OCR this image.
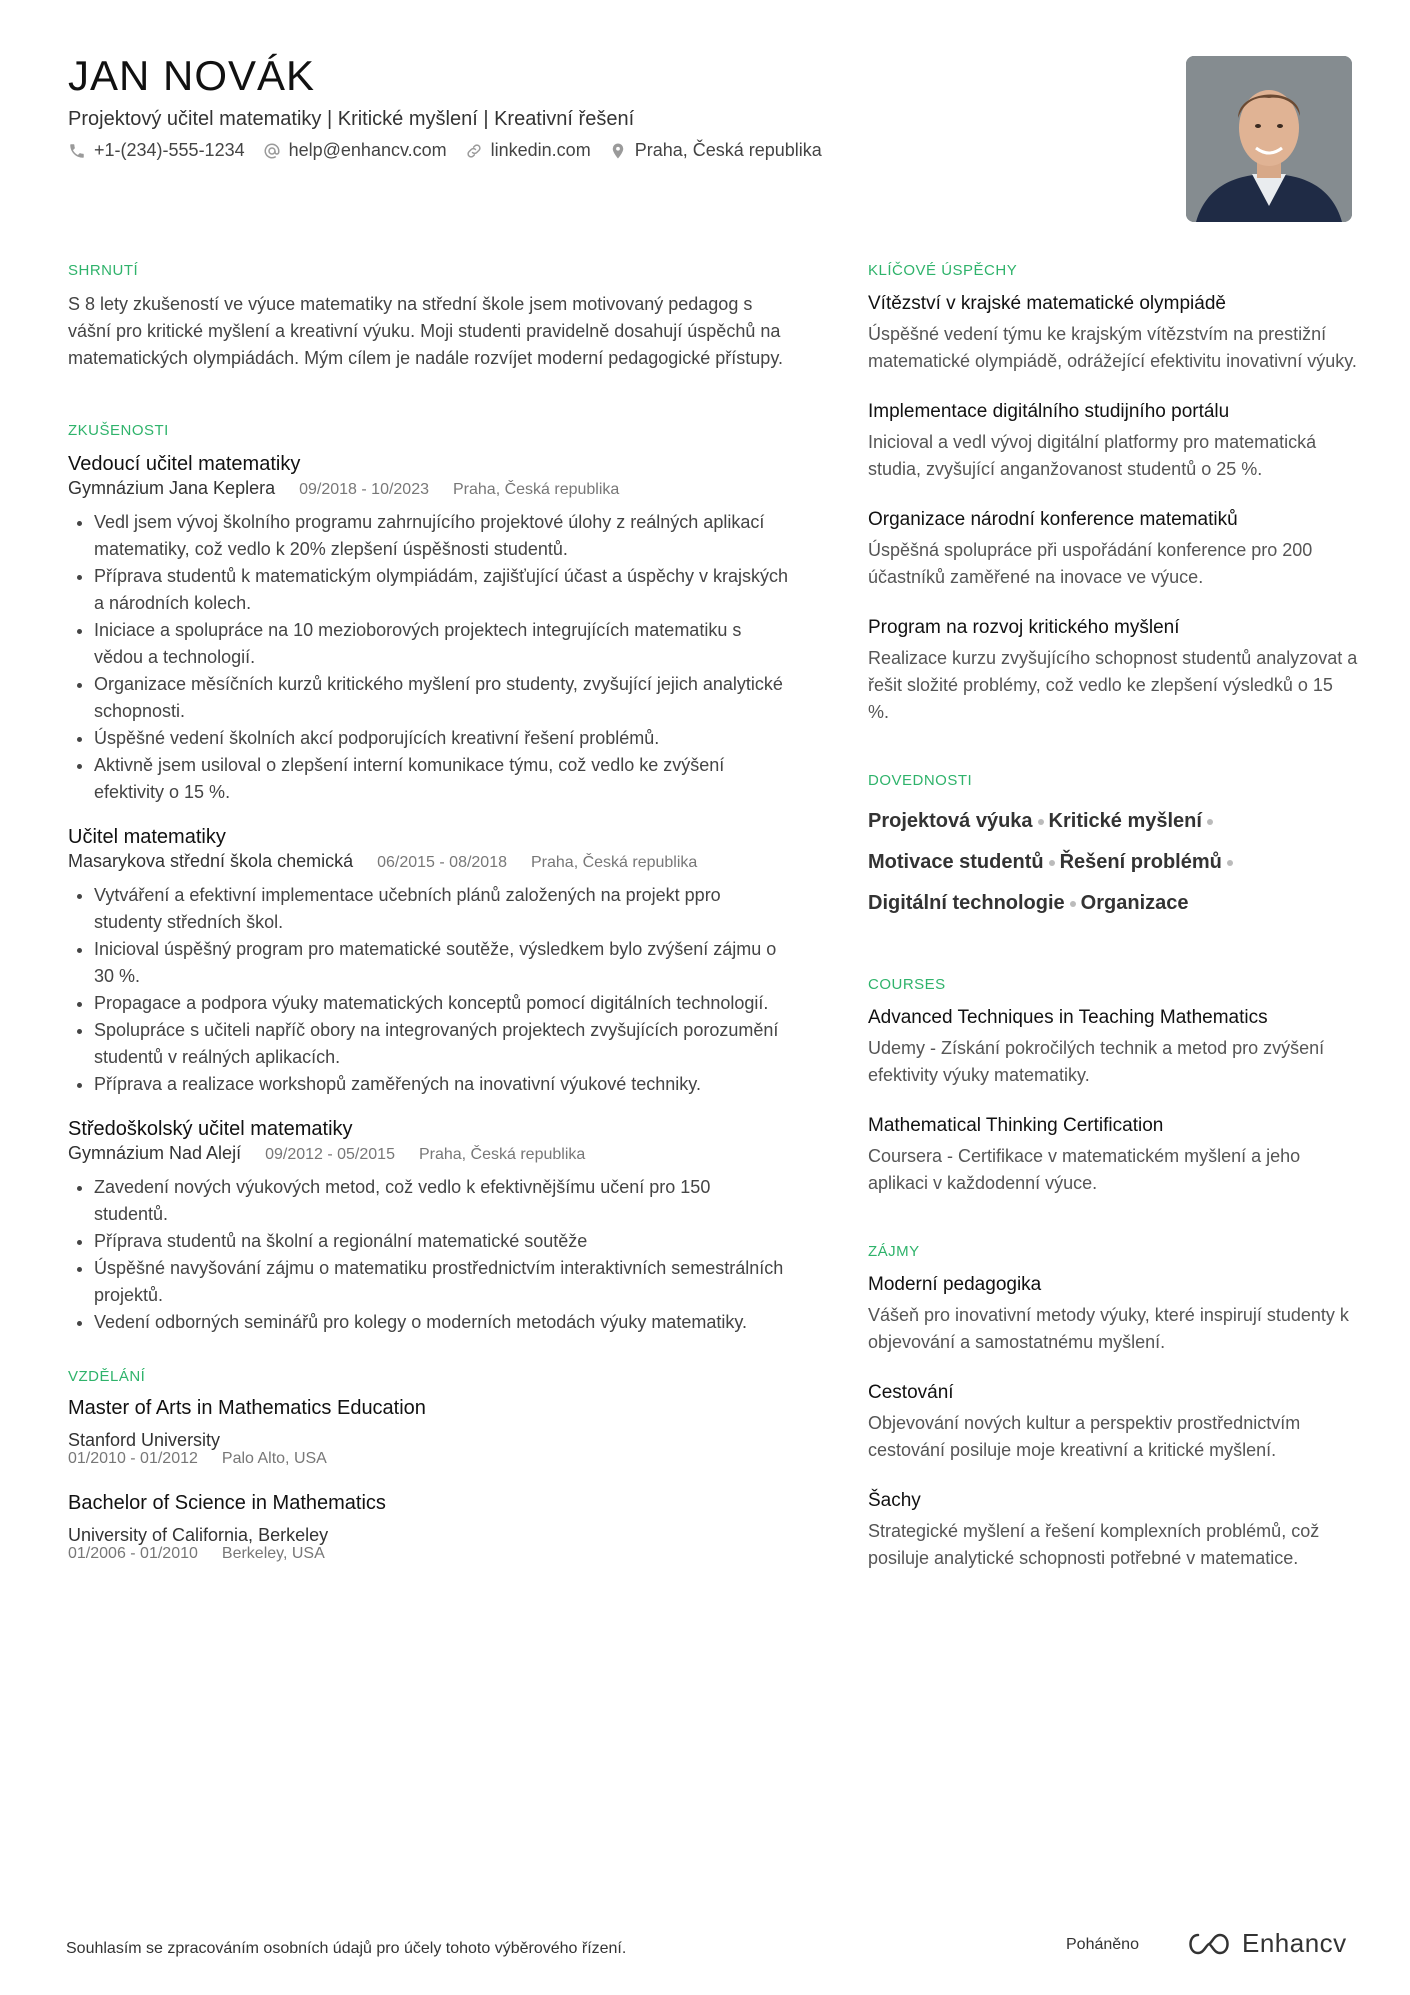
JAN NOVÁK
Projektový učitel matematiky | Kritické myšlení | Kreativní řešení
+1-(234)-555-1234 help@enhancv.com linkedin.com Praha, Česká republika
SHRNUTÍ
S 8 lety zkušeností ve výuce matematiky na střední škole jsem motivovaný pedagog s vášní pro kritické myšlení a kreativní výuku. Moji studenti pravidelně dosahují úspěchů na matematických olympiádách. Mým cílem je nadále rozvíjet moderní pedagogické přístupy.
ZKUŠENOSTI
Vedoucí učitel matematiky
Gymnázium Jana Keplera 09/2018 - 10/2023 Praha, Česká republika
• Vedl jsem vývoj školního programu zahrnujícího projektové úlohy z reálných aplikací matematiky, což vedlo k 20% zlepšení úspěšnosti studentů.
• Příprava studentů k matematickým olympiádám, zajišťující účast a úspěchy v krajských a národních kolech.
• Iniciace a spolupráce na 10 mezioborových projektech integrujících matematiku s vědou a technologií.
• Organizace měsíčních kurzů kritického myšlení pro studenty, zvyšující jejich analytické schopnosti.
• Úspěšné vedení školních akcí podporujících kreativní řešení problémů.
• Aktivně jsem usiloval o zlepšení interní komunikace týmu, což vedlo ke zvýšení efektivity o 15 %.
Učitel matematiky
Masarykova střední škola chemická 06/2015 - 08/2018 Praha, Česká republika
• Vytváření a efektivní implementace učebních plánů založených na projekt ppro studenty středních škol.
• Inicioval úspěšný program pro matematické soutěže, výsledkem bylo zvýšení zájmu o 30 %.
• Propagace a podpora výuky matematických konceptů pomocí digitálních technologií.
• Spolupráce s učiteli napříč obory na integrovaných projektech zvyšujících porozumění studentů v reálných aplikacích.
• Příprava a realizace workshopů zaměřených na inovativní výukové techniky.
Středoškolský učitel matematiky
Gymnázium Nad Alejí 09/2012 - 05/2015 Praha, Česká republika
• Zavedení nových výukových metod, což vedlo k efektivnějšímu učení pro 150 studentů.
• Příprava studentů na školní a regionální matematické soutěže
• Úspěšné navyšování zájmu o matematiku prostřednictvím interaktivních semestrálních projektů.
• Vedení odborných seminářů pro kolegy o moderních metodách výuky matematiky.
VZDĚLÁNÍ
Master of Arts in Mathematics Education
Stanford University
01/2010 - 01/2012 Palo Alto, USA
Bachelor of Science in Mathematics
University of California, Berkeley
01/2006 - 01/2010 Berkeley, USA
KLÍČOVÉ ÚSPĚCHY
Vítězství v krajské matematické olympiádě
Úspěšné vedení týmu ke krajským vítězstvím na prestižní matematické olympiádě, odrážející efektivitu inovativní výuky.
Implementace digitálního studijního portálu
Inicioval a vedl vývoj digitální platformy pro matematická studia, zvyšující anganžovanost studentů o 25 %.
Organizace národní konference matematiků
Úspěšná spolupráce při uspořádání konference pro 200 účastníků zaměřené na inovace ve výuce.
Program na rozvoj kritického myšlení
Realizace kurzu zvyšujícího schopnost studentů analyzovat a řešit složité problémy, což vedlo ke zlepšení výsledků o 15 %.
DOVEDNOSTI
Projektová výuka Kritické myšlení
Motivace studentů Řešení problémů
Digitální technologie Organizace
COURSES
Advanced Techniques in Teaching Mathematics
Udemy - Získání pokročilých technik a metod pro zvýšení efektivity výuky matematiky.
Mathematical Thinking Certification
Coursera - Certifikace v matematickém myšlení a jeho aplikaci v každodenní výuce.
ZÁJMY
Moderní pedagogika
Vášeň pro inovativní metody výuky, které inspirují studenty k objevování a samostatnému myšlení.
Cestování
Objevování nových kultur a perspektiv prostřednictvím cestování posiluje moje kreativní a kritické myšlení.
Šachy
Strategické myšlení a řešení komplexních problémů, což posiluje analytické schopnosti potřebné v matematice.
Souhlasím se zpracováním osobních údajů pro účely tohoto výběrového řízení.	Poháněno	Enhancv
